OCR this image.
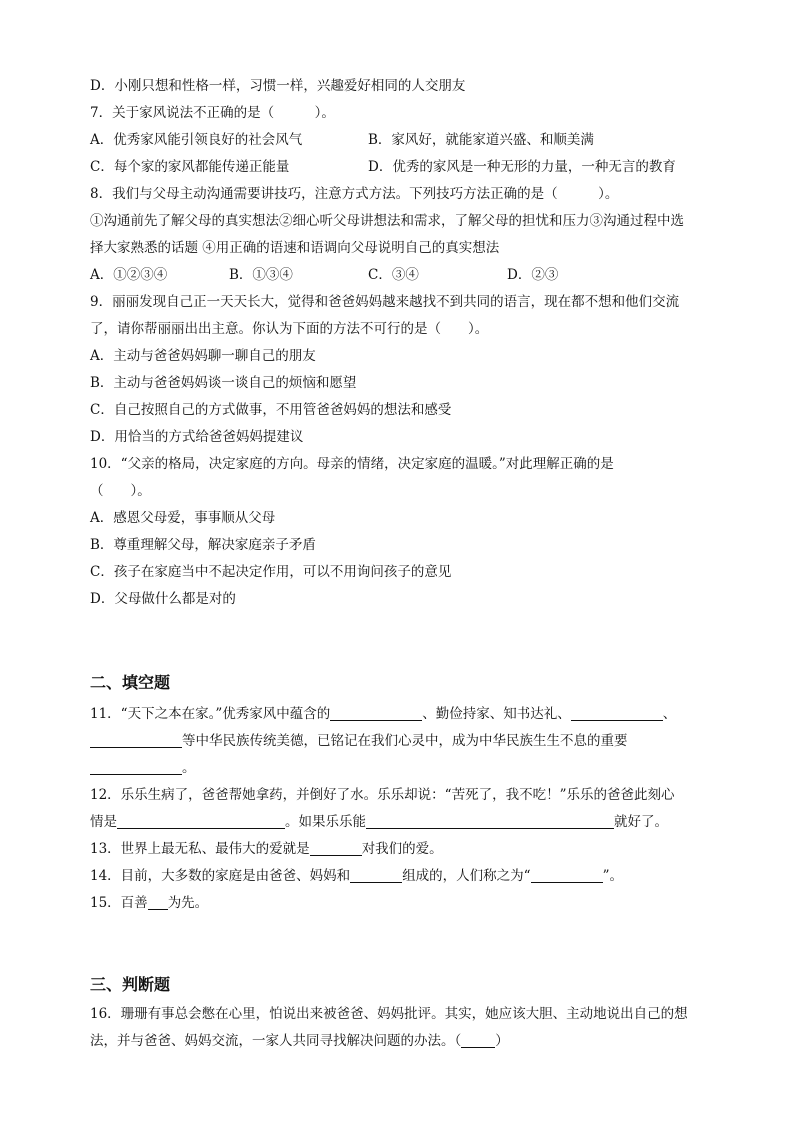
D．小刚只想和性格一样，习惯一样，兴趣爱好相同的人交朋友
7．关于家风说法不正确的是（　　　）。
A．优秀家风能引领良好的社会风气	B．家风好，就能家道兴盛、和顺美满
C．每个家的家风都能传递正能量	D．优秀的家风是一种无形的力量，一种无言的教育
8．我们与父母主动沟通需要讲技巧，注意方式方法。下列技巧方法正确的是（　　　）。
①沟通前先了解父母的真实想法②细心听父母讲想法和需求，了解父母的担忧和压力③沟通过程中选
择大家熟悉的话题 ④用正确的语速和语调向父母说明自己的真实想法
A．①②③④	B．①③④	C．③④	D．②③
9．丽丽发现自己正一天天长大，觉得和爸爸妈妈越来越找不到共同的语言，现在都不想和他们交流
了，请你帮丽丽出出主意。你认为下面的方法不可行的是（　　）。
A．主动与爸爸妈妈聊一聊自己的朋友
B．主动与爸爸妈妈谈一谈自己的烦恼和愿望
C．自己按照自己的方式做事，不用管爸爸妈妈的想法和感受
D．用恰当的方式给爸爸妈妈提建议
10．“父亲的格局，决定家庭的方向。母亲的情绪，决定家庭的温暖。”对此理解正确的是
（　　）。
A．感恩父母爱，事事顺从父母
B．尊重理解父母，解决家庭亲子矛盾
C．孩子在家庭当中不起决定作用，可以不用询问孩子的意见
D．父母做什么都是对的
二、填空题
11．“天下之本在家。”优秀家风中蕴含的	、勤俭持家、知书达礼、	、
等中华民族传统美德，已铭记在我们心灵中，成为中华民族生生不息的重要
。
12．乐乐生病了，爸爸帮她拿药，并倒好了水。乐乐却说：“苦死了，我不吃！”乐乐的爸爸此刻心
情是	。如果乐乐能	就好了。
13．世界上最无私、最伟大的爱就是	对我们的爱。
14．目前，大多数的家庭是由爸爸、妈妈和	组成的，人们称之为“	”。
15．百善 为先。
三、判断题
16．珊珊有事总会憋在心里，怕说出来被爸爸、妈妈批评。其实，她应该大胆、主动地说出自己的想
法，并与爸爸、妈妈交流，一家人共同寻找解决问题的办法。（	）
